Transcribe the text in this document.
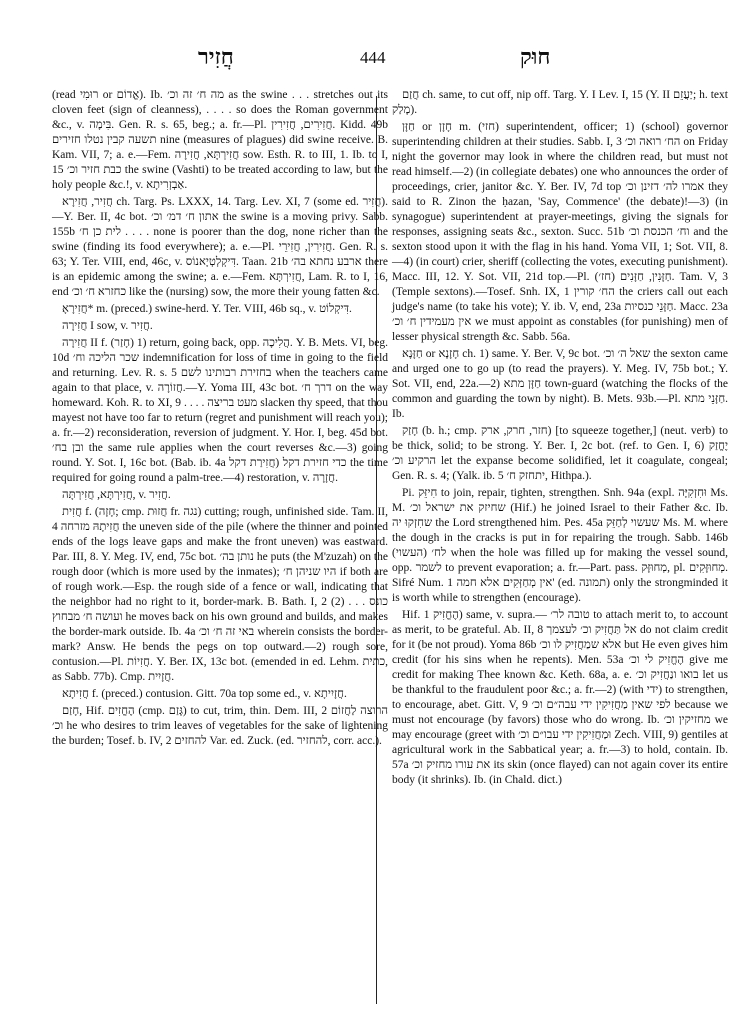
חֲזִיר	444	חוּק

(read רוּמִי or אֱדוֹם). Ib. מה ח׳ זה וכ׳ as the swine . . . stretches out its cloven feet (sign of cleanness), . . . . so does the Roman government &c., v. בִּימָה. Gen. R. s. 65, beg.; a. fr.—Pl. חֲזִירִים, חֲזִירִין. Kidd. 49b תשעה קבין נטלו חזירים nine (measures of plagues) did swine receive. B. Kam. VII, 7; a. e.—Fem. חֲזִירְתָּא, חֲזִירָה sow. Esth. R. to III, 1. Ib. to I, 15 כבת חזיר וכ׳ the swine (Vashti) to be treated according to law, but the holy people &c.!, v. אַבְזְרִיתָא.

חֲזִיר, חֲזִירָא ch. Targ. Ps. LXXX, 14. Targ. Lev. XI, 7 (some ed. חֲזִיר).—Y. Ber. II, 4c bot. אתון ח׳ דמ׳ וכ׳ the swine is a moving privy. Sabb. 155b לית כן ח׳ . . . . none is poorer than the dog, none richer than the swine (finding its food everywhere); a. e.—Pl. חֲזִירִין, חֲזִירֵי. Gen. R. s. 63; Y. Ter. VIII, end, 46c, v. דִּיקְלְטְיָאנוֹס. Taan. 21b ארבע נחתא בה׳ there is an epidemic among the swine; a. e.—Fem. חֲזִירְתָּא, Lam. R. to I, 16, end כחזרא ח׳ וכ׳ like the (nursing) sow, the more their young fatten &c.

חֲזִירָאָ* m. (preced.) swine-herd. Y. Ter. VIII, 46b sq., v. דִּיקְלוֹט.

חֲזִירָה I sow, v. חֲזִיר.

חֲזִירָה II f. (חָזַר) 1) return, going back, opp. הֲלִיכָה. Y. B. Mets. VI, beg. 10d שכר הליכה וח׳ indemnification for loss of time in going to the field and returning. Lev. R. s. 5 בחזירת רבותינו לשם when the teachers came again to that place, v. חֲזוֹרָה.—Y. Yoma III, 43c bot. דרך ח׳ on the way homeward. Koh. R. to XI, 9 . . . . מעט בריצה slacken thy speed, that thou mayest not have too far to return (regret and punishment will reach you); a. fr.—2) reconsideration, reversion of judgment. Y. Hor. I, beg. 45d bot. ובן בח׳ the same rule applies when the court reverses &c.—3) going round. Y. Sot. I, 16c bot. (Bab. ib. 4a חֲזִירַת דקל) כדי חזירת דקל the time required for going round a palm-tree.—4) restoration, v. חֲזָרָה.

חֲזִירְתָּא, חֲזִירְתָּה, v. חֲזִיר.

חֲזִית f. (חָזָה; cmp. חֲזוּת fr. נגה) cutting; rough, unfinished side. Tam. II, 4 חֲזִיתָהּ מזרחה the uneven side of the pile (where the thinner and pointed ends of the logs leave gaps and make the front uneven) was eastward. Par. III, 8. Y. Meg. IV, end, 75c bot. נותן בה׳ he puts (the M'zuzah) on the rough door (which is more used by the inmates); היו שניהן ח׳ if both are of rough work.—Esp. the rough side of a fence or wall, indicating that the neighbor had no right to it, border-mark. B. Bath. I, 2 (2) כונס . . . ועושה ח׳ מבחוץ he moves back on his own ground and builds, and makes the border-mark outside. Ib. 4a באי זה ח׳ וכ׳ wherein consists the border-mark? Answ. He bends the pegs on top outward.—2) rough sore, contusion.—Pl. חֲזִיוֹת. Y. Ber. IX, 13c bot. (emended in ed. Lehm. כתית, as Sabb. 77b). Cmp. חֲזָיִית.

חֲזִיתָא f. (preced.) contusion. Gitt. 70a top some ed., v. חֲזָיִיתָא.

חָזַם, Hif. הֶחֱזִים (cmp. גָּזַם) to cut, trim, thin. Dem. III, 2 הרוצה לַחֲזוֹם וכ׳ he who desires to trim leaves of vegetables for the sake of lightening the burden; Tosef. b. IV, 2 להחזים Var. ed. Zuck. (ed. להחזיר, corr. acc.).

חֲזַם ch. same, to cut off, nip off. Targ. Y. I Lev. I, 15 (Y. II יַעֲזֵם; h. text מָלַק).

חַזָּן or חָזָן m. (חזי) superintendent, officer; 1) (school) governor superintending children at their studies. Sabb. I, 3 הח׳ רואה וכ׳ on Friday night the governor may look in where the children read, but must not read himself.—2) (in collegiate debates) one who announces the order of proceedings, crier, janitor &c. Y. Ber. IV, 7d top אמרו לה׳ דזינן וכ׳ they said to R. Zinon the ḥazan, 'Say, Commence' (the debate)!—3) (in synagogue) superintendent at prayer-meetings, giving the signals for responses, assigning seats &c., sexton. Succ. 51b וח׳ הכנסת וכ׳ and the sexton stood upon it with the flag in his hand. Yoma VII, 1; Sot. VII, 8.—4) (in court) crier, sheriff (collecting the votes, executing punishment). Macc. III, 12. Y. Sot. VII, 21d top.—Pl. חַזָּנִין, חַזָּנִים (חז׳). Tam. V, 3 (Temple sextons).—Tosef. Snh. IX, 1 הח׳ קורין the criers call out each judge's name (to take his vote); Y. ib. V, end, 23a חַזָּנֵי כנסיות. Macc. 23a אין מעמידין ח׳ וכ׳ we must appoint as constables (for punishing) men of lesser physical strength &c. Sabb. 56a.

חַזָּנָא or חָזָנָא ch. 1) same. Y. Ber. V, 9c bot. שאל ה׳ וכ׳ the sexton came and urged one to go up (to read the prayers). Y. Meg. IV, 75b bot.; Y. Sot. VII, end, 22a.—2) חַזָּן מתא town-guard (watching the flocks of the common and guarding the town by night). B. Mets. 93b.—Pl. חַזָּנֵי מתא. Ib.

חָזַק (b. h.; cmp. חזר, חרק, ארק) [to squeeze together,] (neut. verb) to be thick, solid; to be strong. Y. Ber. I, 2c bot. (ref. to Gen. I, 6) יֶחֱזַק הרקיע וכ׳ let the expanse become solidified, let it coagulate, congeal; Gen. R. s. 4; (Yalk. ib. 5 יתחזק ח׳, Hithpa.).

Pi. חִיזֵּק to join, repair, tighten, strengthen. Snh. 94a (expl. וּחִזְקִיָּה Ms. M. שחיזק את ישראל וכ׳ (Hif.) he joined Israel to their Father &c. Ib. שחִזְקוּ יה the Lord strengthened him. Pes. 45a שעשוי לְחַזֵּק Ms. M. where the dough in the cracks is put in for repairing the trough. Sabb. 146b (העשוי) לח׳ when the hole was filled up for making the vessel sound, opp. לשמר to prevent evaporation; a. fr.—Part. pass. מְחוּזָּק, pl. מְחוּזָּקִים. Sifré Num. 1 אין מְחַזְּקִים אלא חמה' (ed. תמונה) only the strongminded it is worth while to strengthen (encourage).

Hif. הֶחֱזִיק 1) same, v. supra.— טובה לר׳ to attach merit to, to account as merit, to be grateful. Ab. II, 8 אל תַּחֲזִיק וכ׳ לעצמך do not claim credit for it (be not proud). Yoma 86b אלא שמַחֲזִיק לו וכ׳ but He even gives him credit (for his sins when he repents). Men. 53a הֶחֱזִיק לי וכ׳ give me credit for making Thee known &c. Keth. 68a, a. e. בואו ונַחֲזִיק וכ׳ let us be thankful to the fraudulent poor &c.; a. fr.—2) (with ידי) to strengthen, to encourage, abet. Gitt. V, 9 לפי שאין מַחֲזִיקִין ידי עבה״ם וכ׳ because we must not encourage (by favors) those who do wrong. Ib. מחזיקין וכ׳ we may encourage (greet with וּמַחֲזִיקִין ידי עבו״ם וכ׳ Zech. VIII, 9) gentiles at agricultural work in the Sabbatical year; a. fr.—3) to hold, contain. Ib. 57a את עורו מחזיק וכ׳ its skin (once flayed) can not again cover its entire body (it shrinks). Ib. (in Chald. dict.)
